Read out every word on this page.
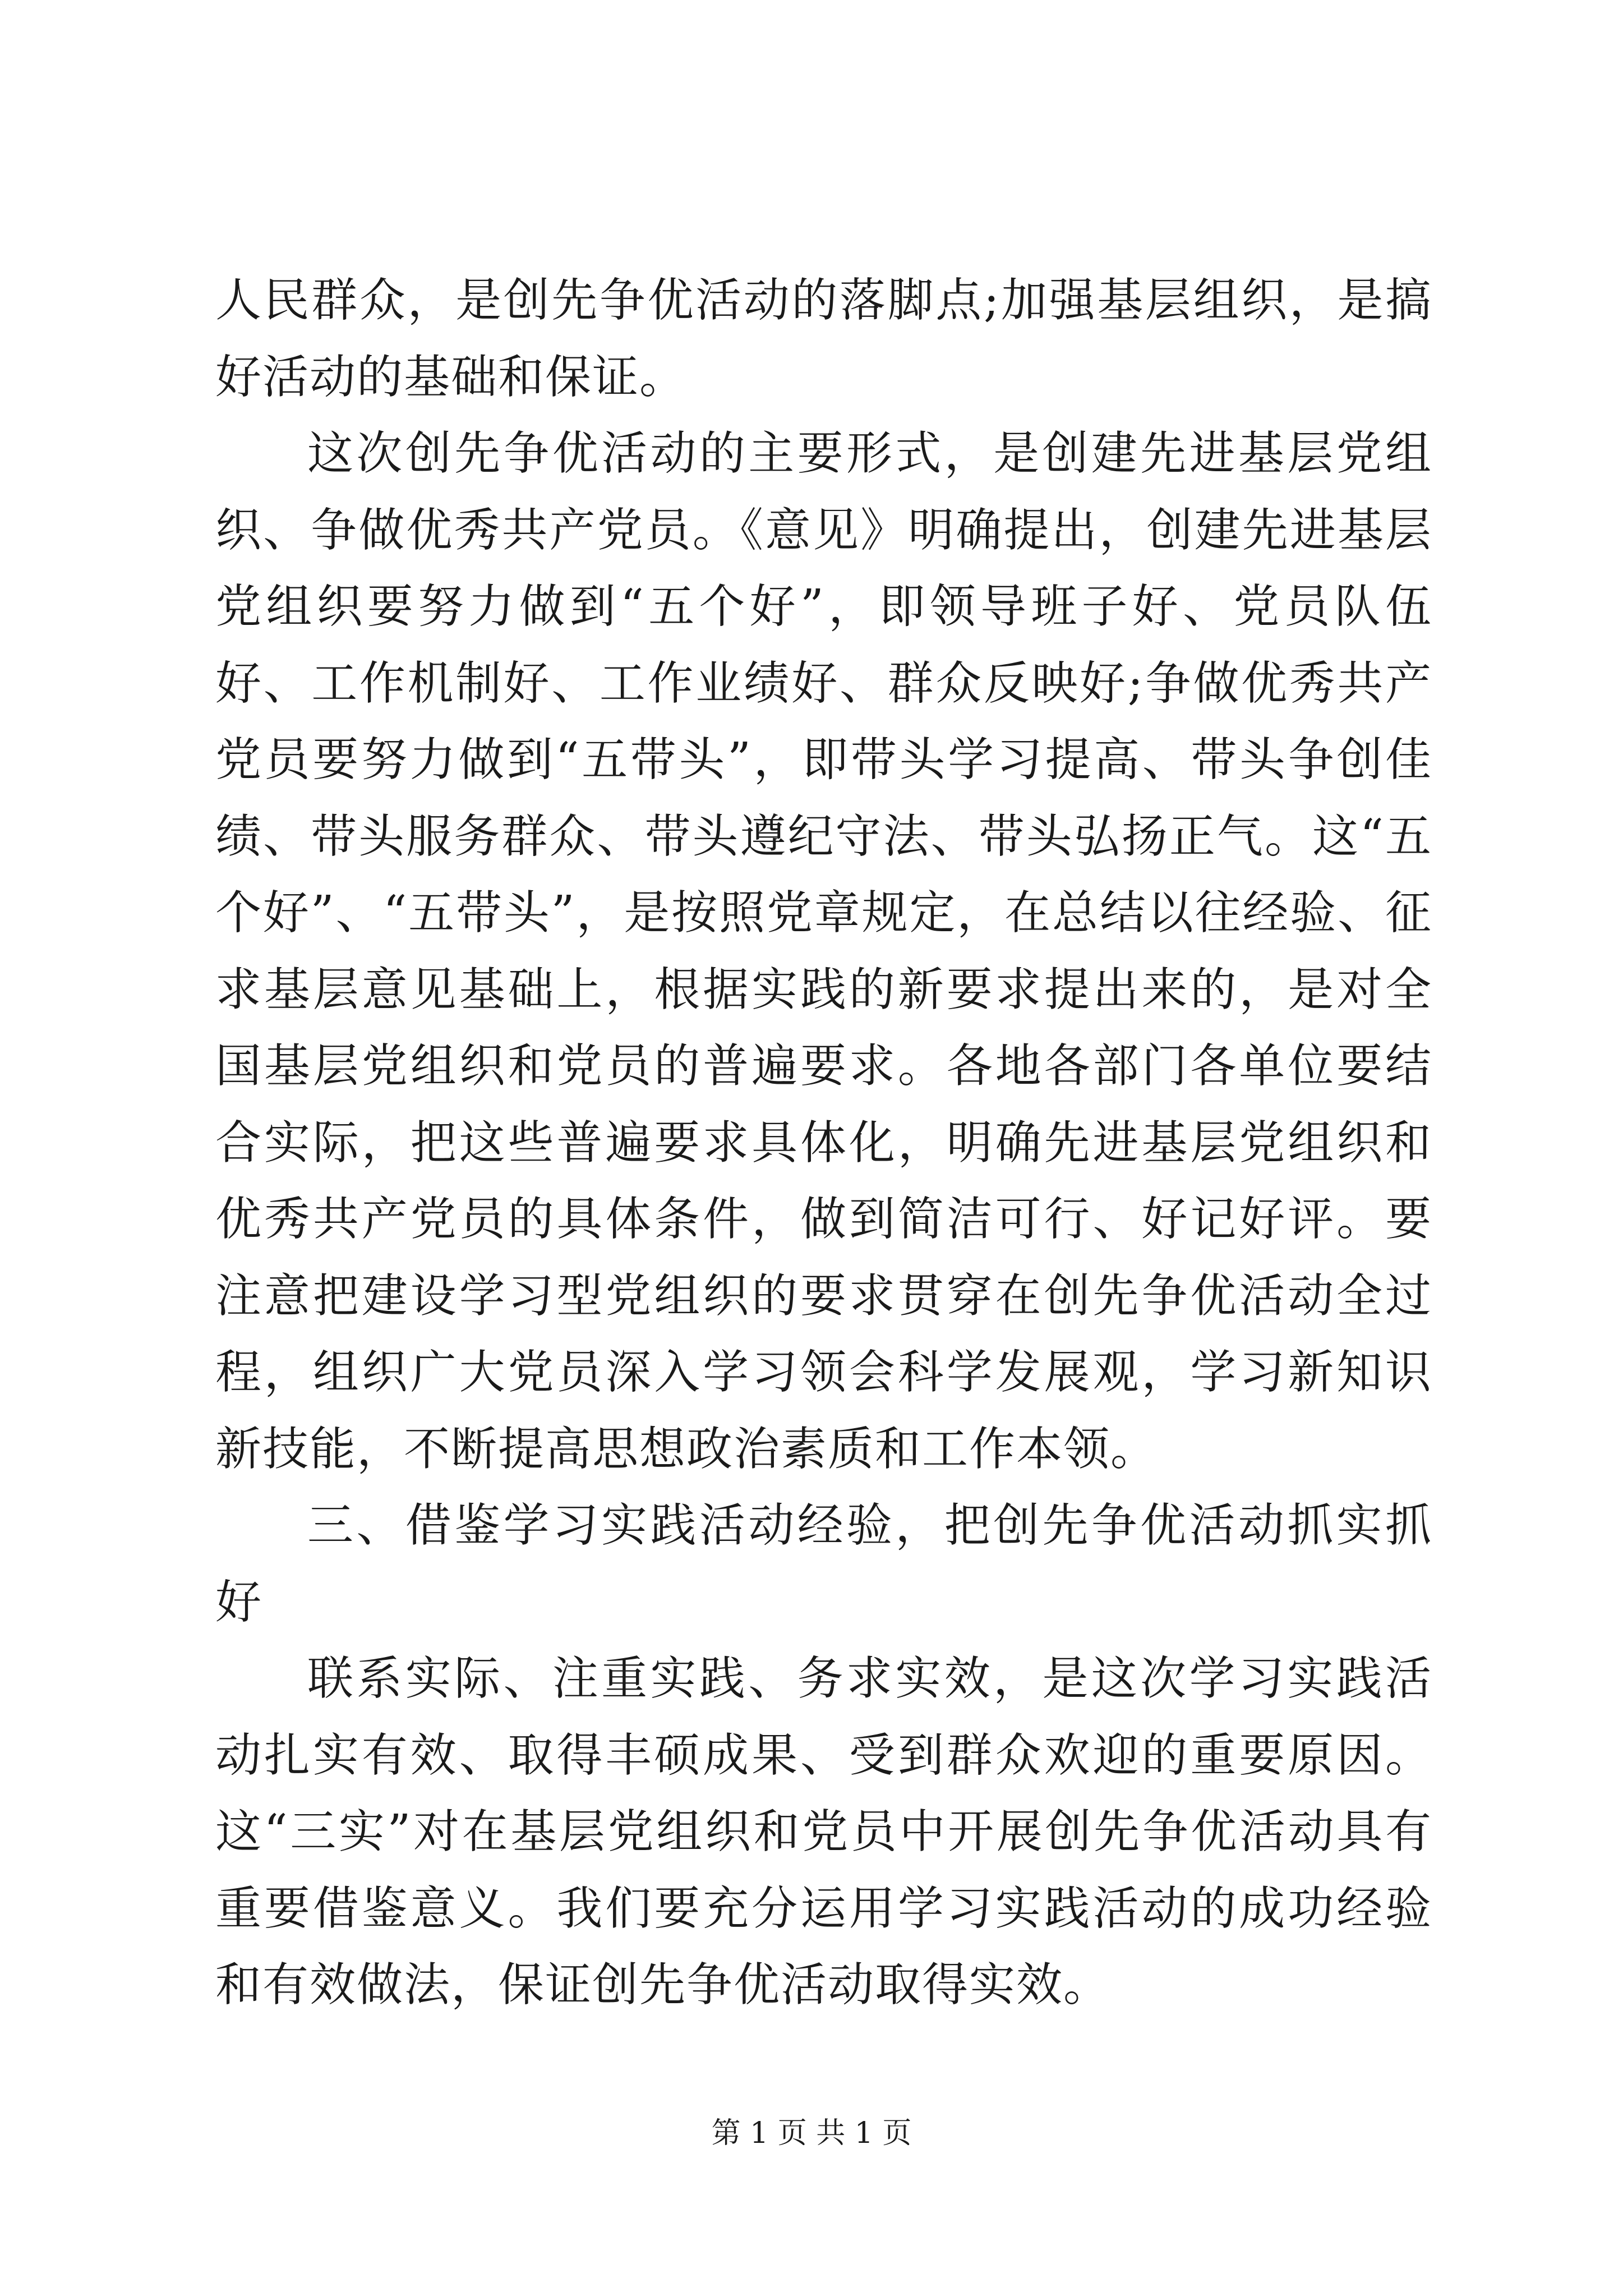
人民群众，是创先争优活动的落脚点;加强基层组织，是搞好活动的基础和保证。

这次创先争优活动的主要形式，是创建先进基层党组织、争做优秀共产党员。《意见》明确提出，创建先进基层党组织要努力做到“五个好”，即领导班子好、党员队伍好、工作机制好、工作业绩好、群众反映好;争做优秀共产党员要努力做到“五带头”，即带头学习提高、带头争创佳绩、带头服务群众、带头遵纪守法、带头弘扬正气。这“五个好”、“五带头”，是按照党章规定，在总结以往经验、征求基层意见基础上，根据实践的新要求提出来的，是对全国基层党组织和党员的普遍要求。各地各部门各单位要结合实际，把这些普遍要求具体化，明确先进基层党组织和优秀共产党员的具体条件，做到简洁可行、好记好评。要注意把建设学习型党组织的要求贯穿在创先争优活动全过程，组织广大党员深入学习领会科学发展观，学习新知识新技能，不断提高思想政治素质和工作本领。

三、借鉴学习实践活动经验，把创先争优活动抓实抓好

联系实际、注重实践、务求实效，是这次学习实践活动扎实有效、取得丰硕成果、受到群众欢迎的重要原因。这“三实”对在基层党组织和党员中开展创先争优活动具有重要借鉴意义。我们要充分运用学习实践活动的成功经验和有效做法，保证创先争优活动取得实效。

第 1 页 共 1 页
